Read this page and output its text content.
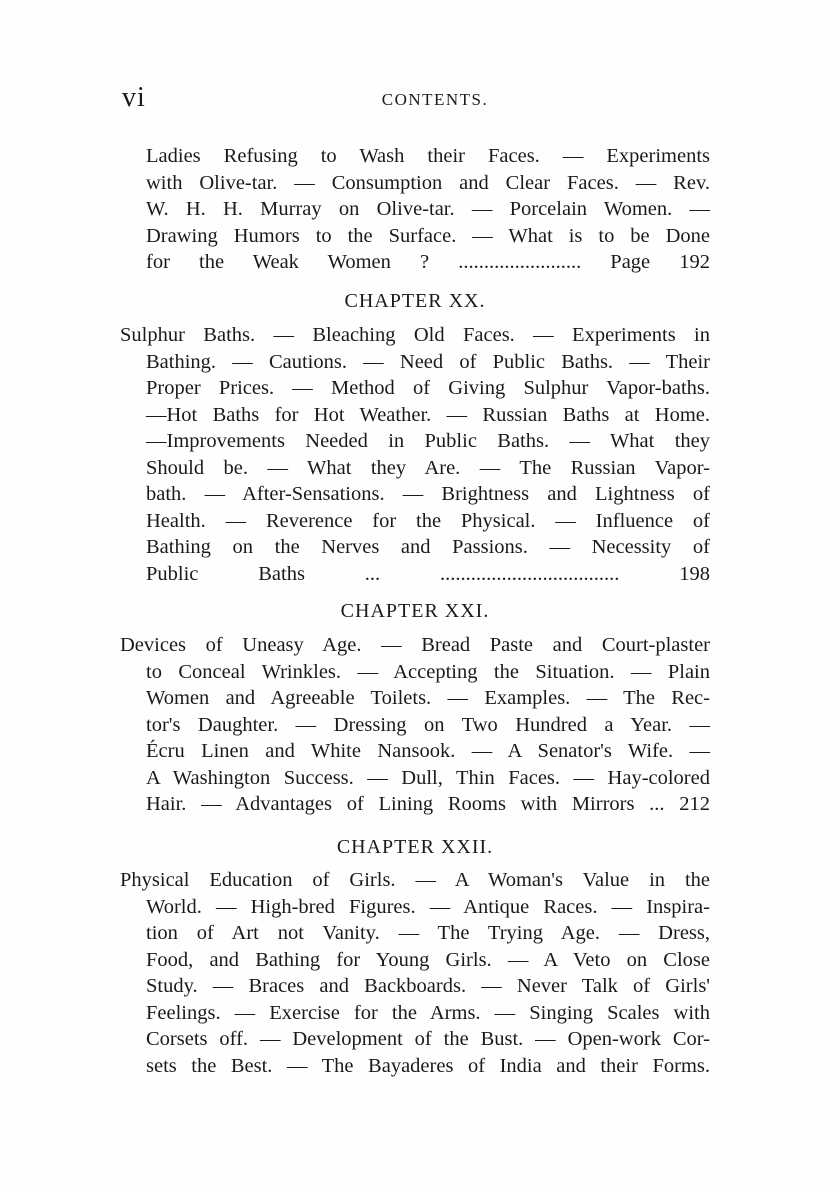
vi	CONTENTS.
Ladies Refusing to Wash their Faces. — Experiments
with Olive-tar. — Consumption and Clear Faces. — Rev.
W. H. H. Murray on Olive-tar. — Porcelain Women. —
Drawing Humors to the Surface. — What is to be Done
for the Weak Women ? ........................ Page 192
CHAPTER XX.
Sulphur Baths. — Bleaching Old Faces. — Experiments in
Bathing. — Cautions. — Need of Public Baths. — Their
Proper Prices. — Method of Giving Sulphur Vapor-baths.
—Hot Baths for Hot Weather. — Russian Baths at Home.
—Improvements Needed in Public Baths. — What they
Should be. — What they Are. — The Russian Vapor-
bath. — After-Sensations. — Brightness and Lightness of
Health. — Reverence for the Physical. — Influence of
Bathing on the Nerves and Passions. — Necessity of
Public Baths ... ................................... 198
CHAPTER XXI.
Devices of Uneasy Age. — Bread Paste and Court-plaster
to Conceal Wrinkles. — Accepting the Situation. — Plain
Women and Agreeable Toilets. — Examples. — The Rec-
tor's Daughter. — Dressing on Two Hundred a Year. —
Écru Linen and White Nansook. — A Senator's Wife. —
A Washington Success. — Dull, Thin Faces. — Hay-colored
Hair. — Advantages of Lining Rooms with Mirrors ... 212
CHAPTER XXII.
Physical Education of Girls. — A Woman's Value in the
World. — High-bred Figures. — Antique Races. — Inspira-
tion of Art not Vanity. — The Trying Age. — Dress,
Food, and Bathing for Young Girls. — A Veto on Close
Study. — Braces and Backboards. — Never Talk of Girls'
Feelings. — Exercise for the Arms. — Singing Scales with
Corsets off. — Development of the Bust. — Open-work Cor-
sets the Best. — The Bayaderes of India and their Forms.
